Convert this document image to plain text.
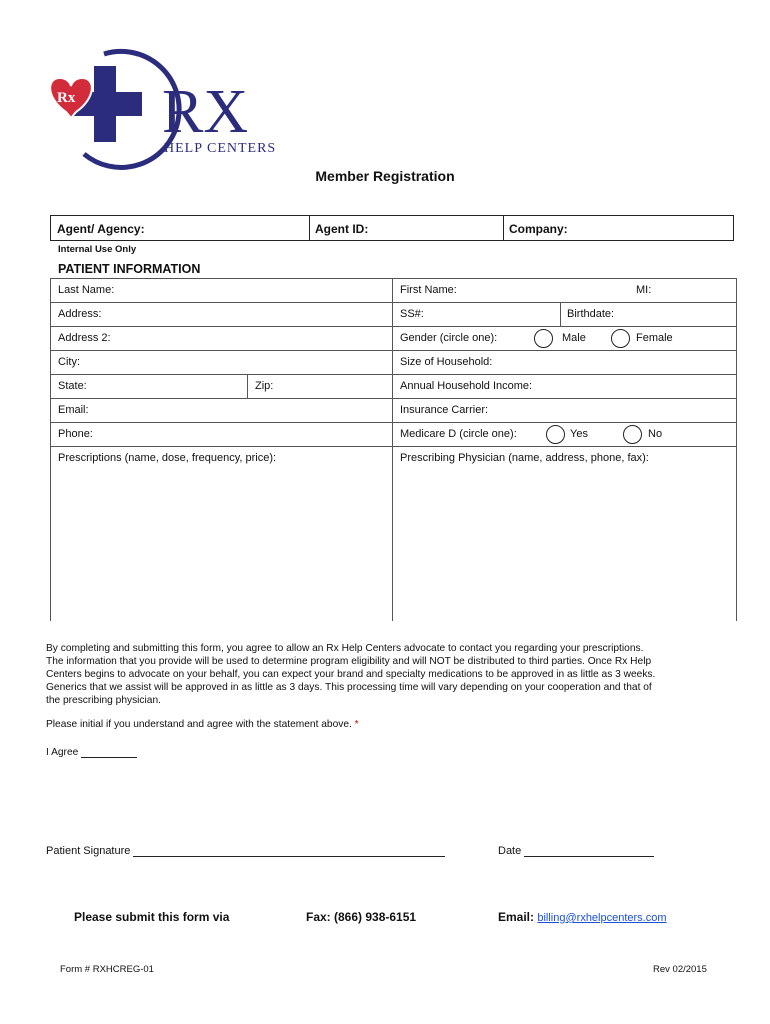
Rx RX
HELP CENTERS
Member Registration
Agent/ Agency:	Agent ID:	Company:
Internal Use Only
PATIENT INFORMATION
Last Name:	First Name:	MI:
Address:	SS#:	Birthdate:
Address 2:	Gender (circle one):	Male	Female
City:	Size of Household:
State:	Zip:	Annual Household Income:
Email:	Insurance Carrier:
Phone:	Medicare D (circle one):	Yes	No
Prescriptions (name, dose, frequency, price):	Prescribing Physician (name, address, phone, fax):

By completing and submitting this form, you agree to allow an Rx Help Centers advocate to contact you regarding your prescriptions.

The information that you provide will be used to determine program eligibility and will NOT be distributed to third parties. Once Rx Help

Centers begins to advocate on your behalf, you can expect your brand and specialty medications to be approved in as little as 3 weeks.

Generics that we assist will be approved in as little as 3 days. This processing time will vary depending on your cooperation and that of

the prescribing physician.

Please initial if you understand and agree with the statement above. *
I Agree
Patient Signature	Date
Please submit this form via	Fax: (866) 938-6151	Email: billing@rxhelpcenters.com
Form # RXHCREG-01	Rev 02/2015
